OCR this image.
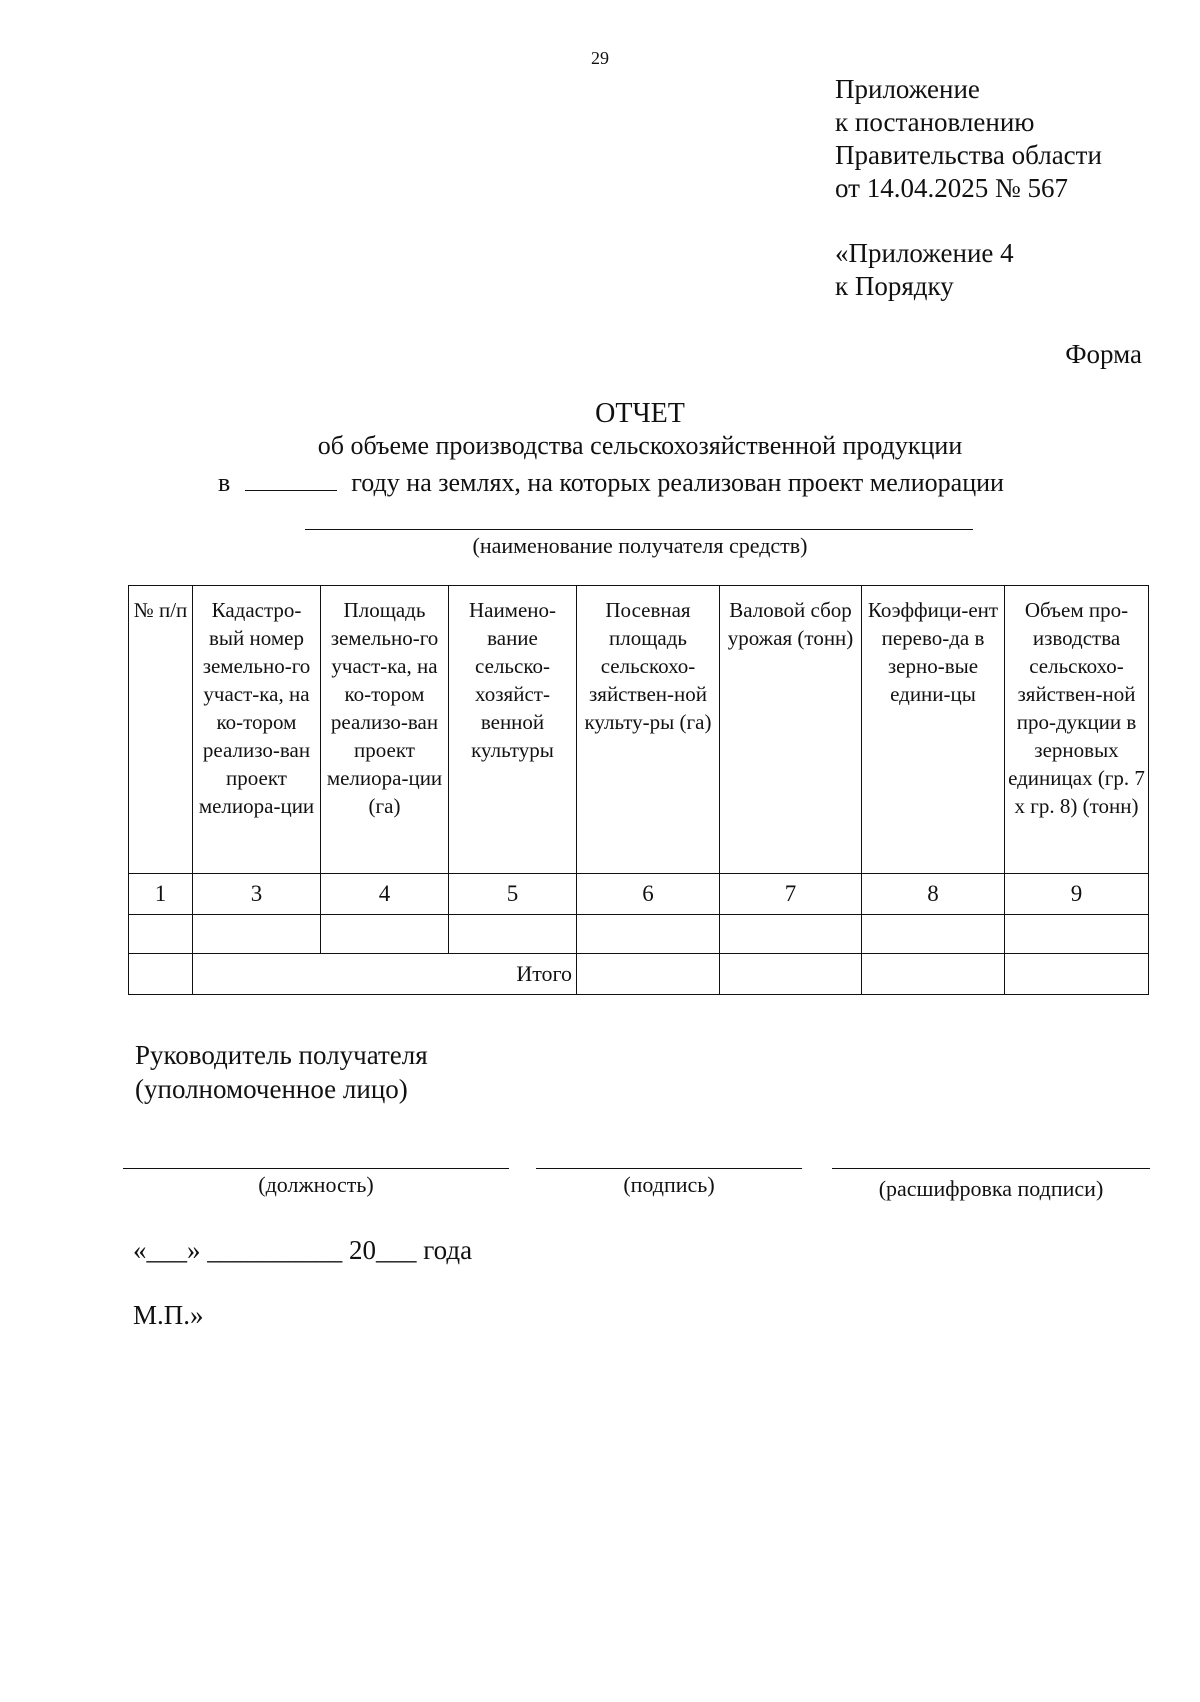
29
Приложение
к постановлению
Правительства области
от 14.04.2025 № 567
«Приложение 4
к Порядку
Форма
ОТЧЕТ
об объеме производства сельскохозяйственной продукции
в	году на землях, на которых реализован проект мелиорации
(наименование получателя средств)
№ п/п	Кадастро-вый номер земельно-го участ-ка, на ко-тором реализо-ван проект мелиора-ции	Площадь земельно-го участ-ка, на ко-тором реализо-ван проект мелиора-ции (га)	Наимено-вание сельско-хозяйст-венной культуры	Посевная площадь сельскохо-зяйствен-ной культу-ры (га)	Валовой сбор урожая (тонн)	Коэффици-ент перево-да в зерно-вые едини-цы	Объем про-изводства сельскохо-зяйствен-ной про-дукции в зерновых единицах (гр. 7 х гр. 8) (тонн)
1	3	4	5	6	7	8	9

	Итого						
Руководитель получателя
(уполномоченное лицо)
(должность)	(подпись)	(расшифровка подписи)
«___» __________ 20___ года
М.П.»
